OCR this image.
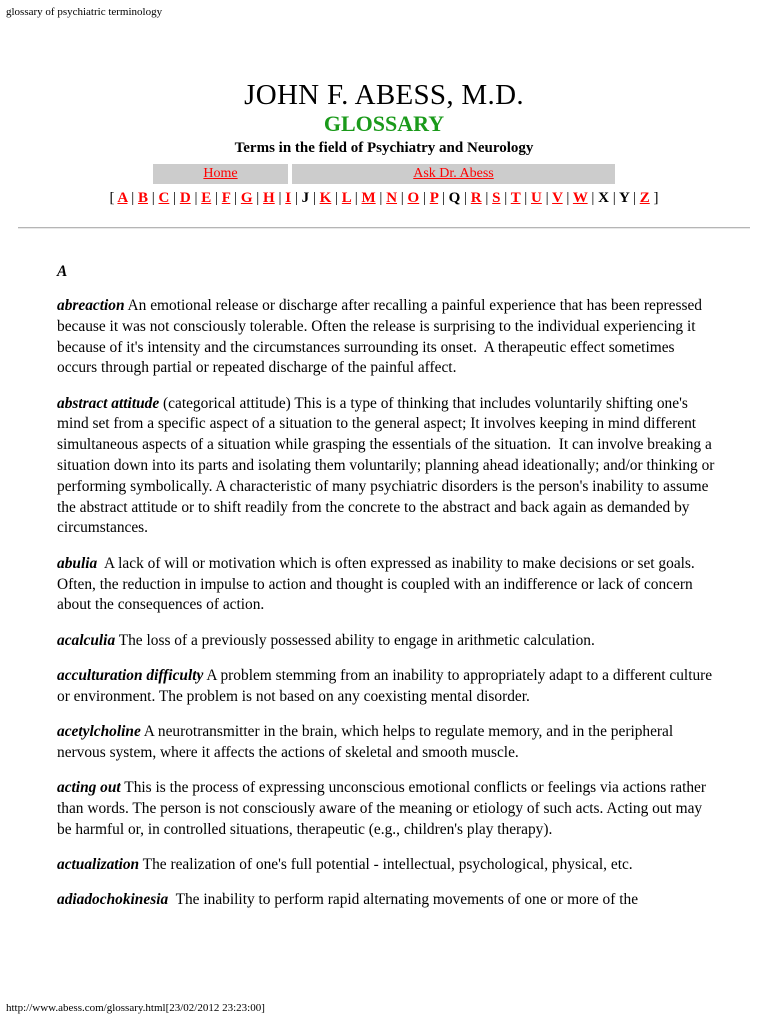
glossary of psychiatric terminology
JOHN F. ABESS, M.D.
GLOSSARY
Terms in the field of Psychiatry and Neurology
Home	Ask Dr. Abess
[ A | B | C | D | E | F | G | H | I | J | K | L | M | N | O | P | Q | R | S | T | U | V | W | X | Y | Z ]
A
abreaction An emotional release or discharge after recalling a painful experience that has been repressed because it was not consciously tolerable. Often the release is surprising to the individual experiencing it because of it's intensity and the circumstances surrounding its onset.  A therapeutic effect sometimes occurs through partial or repeated discharge of the painful affect.
abstract attitude (categorical attitude) This is a type of thinking that includes voluntarily shifting one's mind set from a specific aspect of a situation to the general aspect; It involves keeping in mind different simultaneous aspects of a situation while grasping the essentials of the situation.  It can involve breaking a situation down into its parts and isolating them voluntarily; planning ahead ideationally; and/or thinking or performing symbolically. A characteristic of many psychiatric disorders is the person's inability to assume the abstract attitude or to shift readily from the concrete to the abstract and back again as demanded by circumstances.
abulia  A lack of will or motivation which is often expressed as inability to make decisions or set goals. Often, the reduction in impulse to action and thought is coupled with an indifference or lack of concern about the consequences of action.
acalculia The loss of a previously possessed ability to engage in arithmetic calculation.
acculturation difficulty A problem stemming from an inability to appropriately adapt to a different culture or environment. The problem is not based on any coexisting mental disorder.
acetylcholine A neurotransmitter in the brain, which helps to regulate memory, and in the peripheral nervous system, where it affects the actions of skeletal and smooth muscle.
acting out This is the process of expressing unconscious emotional conflicts or feelings via actions rather than words. The person is not consciously aware of the meaning or etiology of such acts. Acting out may be harmful or, in controlled situations, therapeutic (e.g., children's play therapy).
actualization The realization of one's full potential - intellectual, psychological, physical, etc.
adiadochokinesia  The inability to perform rapid alternating movements of one or more of the
http://www.abess.com/glossary.html[23/02/2012 23:23:00]
